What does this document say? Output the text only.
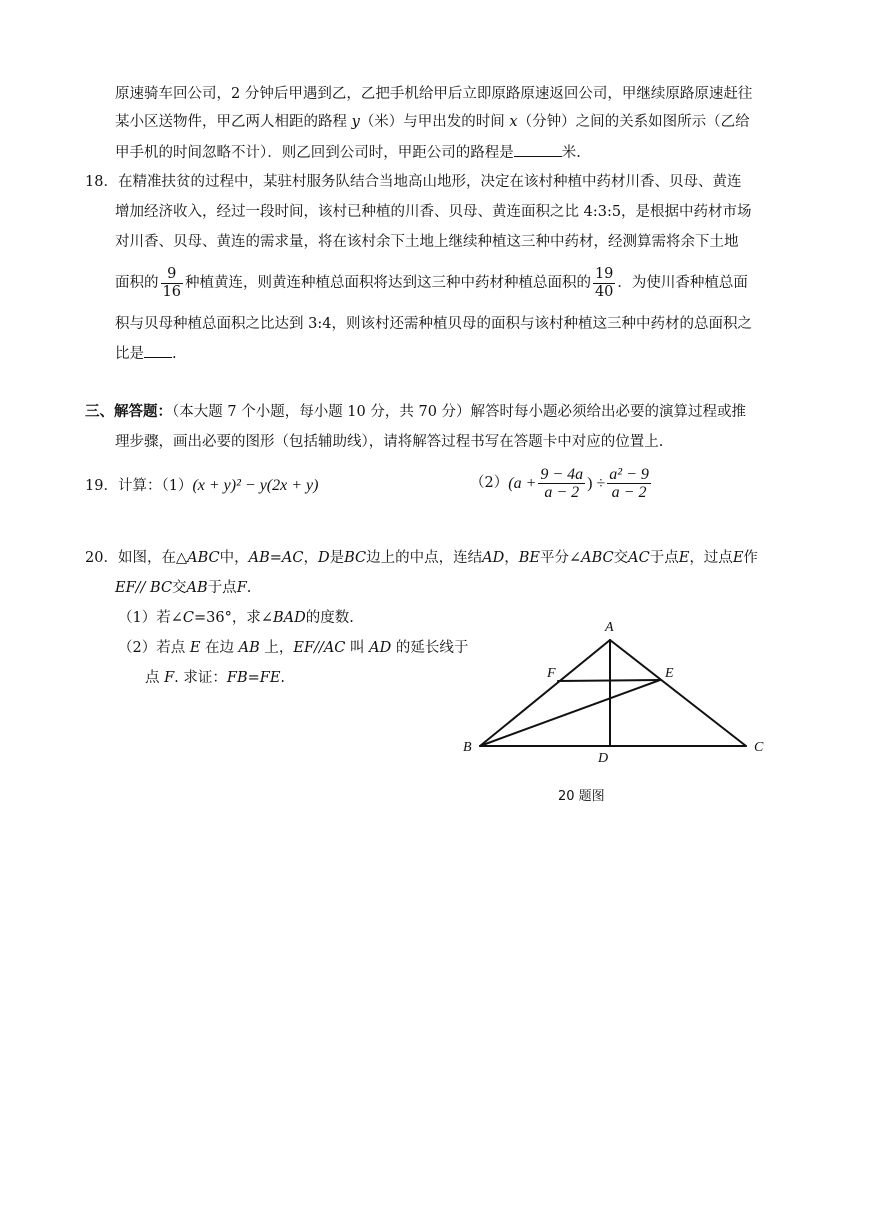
原速骑车回公司，2 分钟后甲遇到乙，乙把手机给甲后立即原路原速返回公司，甲继续原路原速赶往
某小区送物件，甲乙两人相距的路程 y（米）与甲出发的时间 x（分钟）之间的关系如图所示（乙给
甲手机的时间忽略不计）．则乙回到公司时，甲距公司的路程是	米.
18．在精准扶贫的过程中，某驻村服务队结合当地高山地形，决定在该村种植中药材川香、贝母、黄连
增加经济收入，经过一段时间，该村已种植的川香、贝母、黄连面积之比 4:3:5，是根据中药材市场
对川香、贝母、黄连的需求量，将在该村余下土地上继续种植这三种中药材，经测算需将余下土地
面积的 $\frac{9}{16}$ 种植黄连，则黄连种植总面积将达到这三种中药材种植总面积的 $\frac{19}{40}$ ．为使川香种植总面
积与贝母种植总面积之比达到 3:4，则该村还需种植贝母的面积与该村种植这三种中药材的总面积之
比是 .
三、解答题：（本大题 7 个小题，每小题 10 分，共 70 分）解答时每小题必须给出必要的演算过程或推
理步骤，画出必要的图形（包括辅助线），请将解答过程书写在答题卡中对应的位置上.
19．计算：（1）(x + y)² − y(2x + y)	$(2)(a + \frac{9 - 4a}{a - 2}$ ) ÷ $\frac{\text{a² − 9}}{a - 2}$
20．如图，在△ABC中，AB=AC，D是BC边上的中点，连结AD，BE平分∠ABC交AC于点E，过点E作
EF// BC交AB于点F.
（1）若∠C=36°，求∠BAD的度数.
（2）若点 E 在边 AB 上，EF//AC 叫 AD 的延长线于
点 F. 求证：FB=FE.
A
B	C
D
E
F
20 题图
